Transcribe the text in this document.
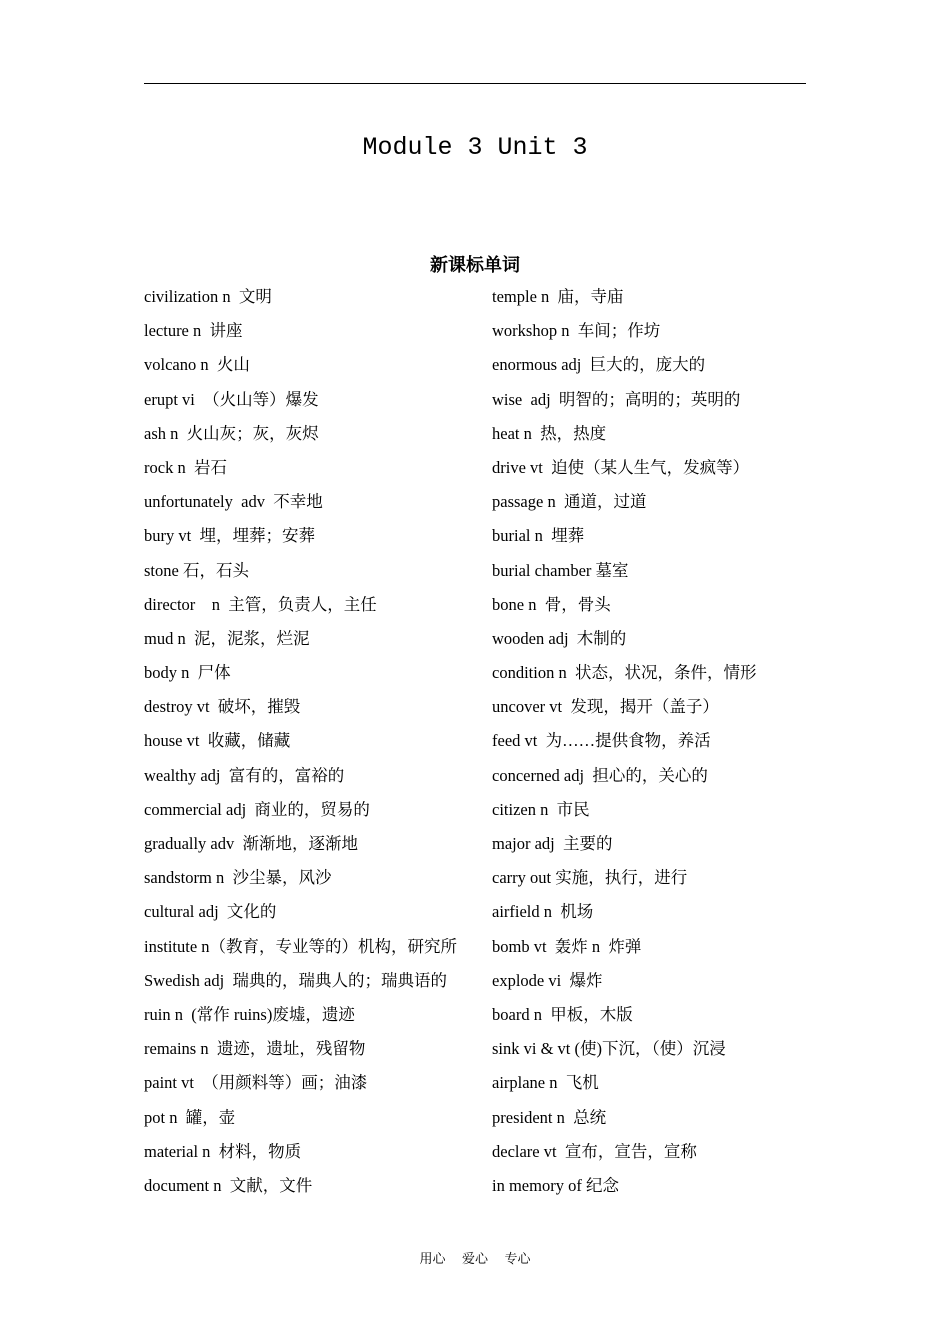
Module 3 Unit 3
新课标单词
civilization n  文明
lecture n  讲座
volcano n  火山
erupt vi  （火山等）爆发
ash n  火山灰；灰，灰烬
rock n  岩石
unfortunately  adv  不幸地
bury vt  埋，埋葬；安葬
stone 石，石头
director    n  主管，负责人，主任
mud n  泥，泥浆，烂泥
body n  尸体
destroy vt  破坏，摧毁
house vt  收藏，储藏
wealthy adj  富有的，富裕的
commercial adj  商业的，贸易的
gradually adv  渐渐地，逐渐地
sandstorm n  沙尘暴，风沙
cultural adj  文化的
institute n（教育，专业等的）机构，研究所
Swedish adj  瑞典的，瑞典人的；瑞典语的
ruin n  (常作 ruins)废墟，遗迹
remains n  遗迹，遗址，残留物
paint vt  （用颜料等）画；油漆
pot n  罐，壶
material n  材料，物质
document n  文献，文件
temple n  庙，寺庙
workshop n  车间；作坊
enormous adj  巨大的，庞大的
wise  adj  明智的；高明的；英明的
heat n  热，热度
drive vt  迫使（某人生气，发疯等）
passage n  通道，过道
burial n  埋葬
burial chamber 墓室
bone n  骨，骨头
wooden adj  木制的
condition n  状态，状况，条件，情形
uncover vt  发现，揭开（盖子）
feed vt  为……提供食物，养活
concerned adj  担心的，关心的
citizen n  市民
major adj  主要的
carry out 实施，执行，进行
airfield n  机场
bomb vt  轰炸 n  炸弹
explode vi  爆炸
board n  甲板，木版
sink vi & vt (使)下沉，（使）沉浸
airplane n  飞机
president n  总统
declare vt  宣布，宣告，宣称
in memory of 纪念
用心    爱心    专心
